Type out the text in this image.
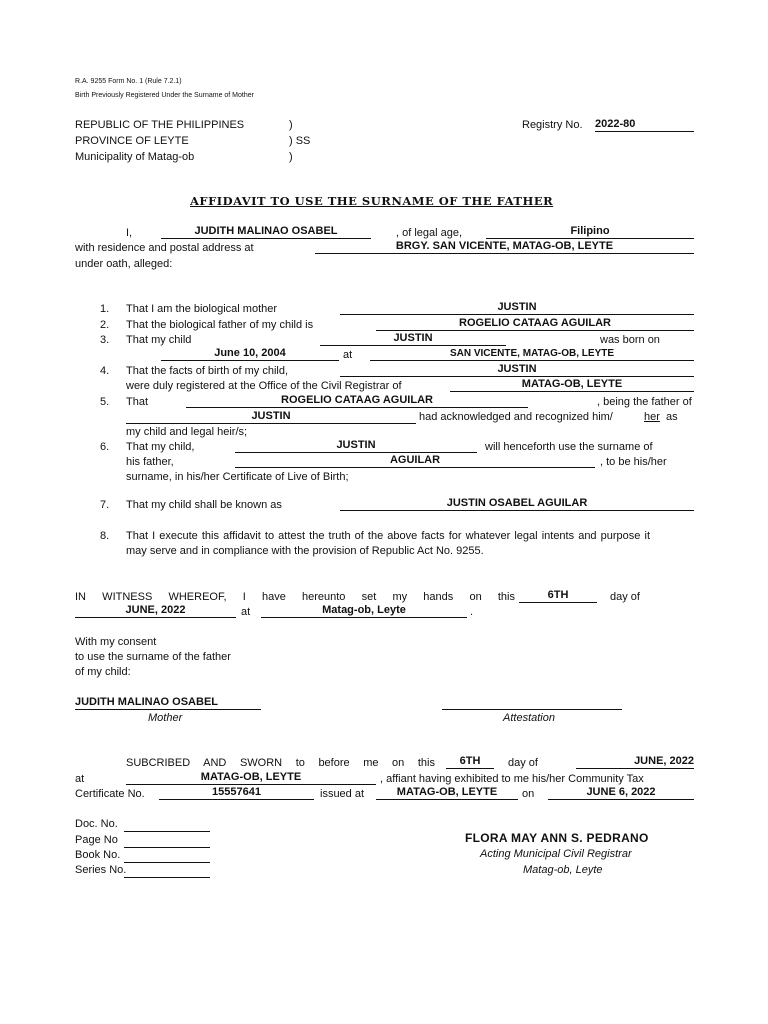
R.A. 9255 Form No. 1 (Rule 7.2.1)
Birth Previously Registered Under the Surname of Mother
REPUBLIC OF THE PHILIPPINES
PROVINCE OF LEYTE
Municipality of Matag-ob
)
) SS
)
Registry No. 2022-80
AFFIDAVIT TO USE THE SURNAME OF THE FATHER
I,	JUDITH MALINAO OSABEL	, of legal age,	Filipino
with residence and postal address at	BRGY. SAN VICENTE, MATAG-OB, LEYTE
under oath, alleged:
1. That I am the biological mother	JUSTIN
2. That the biological father of my child is	ROGELIO CATAAG AGUILAR
3. That my child	JUSTIN	was born on
June 10, 2004	at	SAN VICENTE, MATAG-OB, LEYTE
4. That the facts of birth of my child,	JUSTIN
were duly registered at the Office of the Civil Registrar of	MATAG-OB, LEYTE
5. That	ROGELIO CATAAG AGUILAR	, being the father of
JUSTIN	had acknowledged and recognized him/	her as
my child and legal heir/s;
6. That my child,	JUSTIN	will henceforth use the surname of
his father,	AGUILAR	, to be his/her
surname, in his/her Certificate of Live of Birth;
7. That my child shall be known as	JUSTIN OSABEL AGUILAR
8. That I execute this affidavit to attest the truth of the above facts for whatever legal intents and purpose it may serve and in compliance with the provision of Republic Act No. 9255.
IN WITNESS WHEREOF, I have hereunto set my hands on this	6TH	day of
JUNE, 2022	at	Matag-ob, Leyte	.
With my consent
to use the surname of the father
of my child:
JUDITH MALINAO OSABEL
Mother	Attestation
SUBCRIBED AND SWORN to before me on this	6TH	day of	JUNE, 2022
at	MATAG-OB, LEYTE	, affiant having exhibited to me his/her Community Tax
Certificate No.	15557641	issued at	MATAG-OB, LEYTE	on	JUNE 6, 2022
Doc. No.
Page No
Book No.
Series No.
FLORA MAY ANN S. PEDRANO
Acting Municipal Civil Registrar
Matag-ob, Leyte
